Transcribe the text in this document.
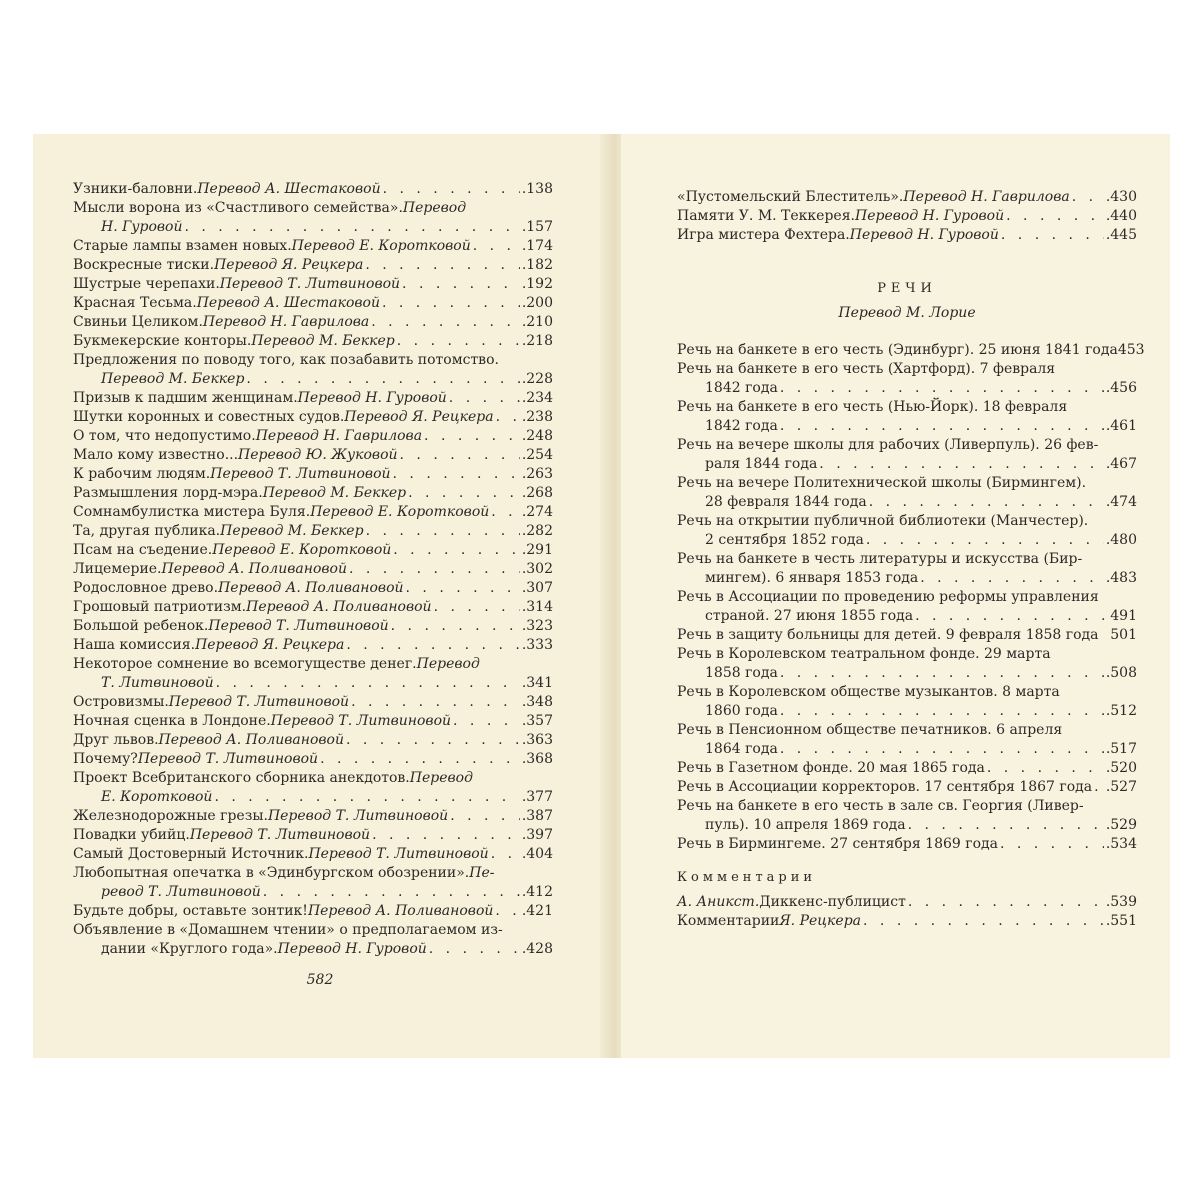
Узники-баловни. Перевод А. Шестаковой . . .	.138
Мысли ворона из «Счастливого семейства». Перевод
Н. Гуровой . . .	.157
Старые лампы взамен новых. Перевод Е. Коротковой . . .	.174
Воскресные тиски. Перевод Я. Рецкера . . .	.182
Шустрые черепахи. Перевод Т. Литвиновой . . .	.192
Красная Тесьма. Перевод А. Шестаковой . . .	.200
Свиньи Целиком. Перевод Н. Гаврилова . . .	.210
Букмекерские конторы. Перевод М. Беккер . . .	.218
Предложения по поводу того, как позабавить потомство.
Перевод М. Беккер . . .	.228
Призыв к падшим женщинам. Перевод Н. Гуровой . . .	.234
Шутки коронных и совестных судов. Перевод Я. Рецкера . . . .238
О том, что недопустимо. Перевод Н. Гаврилова . . .	.248
Мало кому известно... Перевод Ю. Жуковой . . .	.254
К рабочим людям. Перевод Т. Литвиновой . . .	.263
Размышления лорд-мэра. Перевод М. Беккер . . .	.268
Сомнамбулистка мистера Буля. Перевод Е. Коротковой . . . .274
Та, другая публика. Перевод М. Беккер . . .	.282
Псам на съедение. Перевод Е. Коротковой . . .	.291
Лицемерие. Перевод А. Поливановой . . .	.302
Родословное древо. Перевод А. Поливановой . . .	.307
Грошовый патриотизм. Перевод А. Поливановой . . .	.314
Большой ребенок. Перевод Т. Литвиновой . . .	.323
Наша комиссия. Перевод Я. Рецкера . . .	.333
Некоторое сомнение во всемогуществе денег. Перевод
Т. Литвиновой . . .	.341
Островизмы. Перевод Т. Литвиновой . . .	.348
Ночная сценка в Лондоне. Перевод Т. Литвиновой . . .	.357
Друг львов. Перевод А. Поливановой . . .	.363
Почему? Перевод Т. Литвиновой . . .	.368
Проект Всебританского сборника анекдотов. Перевод
Е. Коротковой . . .	.377
Железнодорожные грезы. Перевод Т. Литвиновой . . .	.387
Повадки убийц. Перевод Т. Литвиновой . . .	.397
Самый Достоверный Источник. Перевод Т. Литвиновой . . . .404
Любопытная опечатка в «Эдинбургском обозрении». Пе-
ревод Т. Литвиновой . . .	.412
Будьте добры, оставьте зонтик! Перевод А. Поливановой . . . .421
Объявление в «Домашнем чтении» о предполагаемом из-
дании «Круглого года». Перевод Н. Гуровой . . .	.428
582
«Пустомельский Блеститель». Перевод Н. Гаврилова . . .	.430
Памяти У. М. Теккерея. Перевод Н. Гуровой . . .	.440
Игра мистера Фехтера. Перевод Н. Гуровой . . .	.445
РЕЧИ
Перевод М. Лорие
Речь на банкете в его честь (Эдинбург). 25 июня 1841 года 453
Речь на банкете в его честь (Хартфорд). 7 февраля
1842 года . . .	.456
Речь на банкете в его честь (Нью-Йорк). 18 февраля
1842 года . . .	.461
Речь на вечере школы для рабочих (Ливерпуль). 26 фев-
раля 1844 года . . .	.467
Речь на вечере Политехнической школы (Бирмингем).
28 февраля 1844 года . . .	.474
Речь на открытии публичной библиотеки (Манчестер).
2 сентября 1852 года . . .	.480
Речь на банкете в честь литературы и искусства (Бир-
мингем). 6 января 1853 года . . .	.483
Речь в Ассоциации по проведению реформы управления
страной. 27 июня 1855 года . . .	491
Речь в защиту больницы для детей. 9 февраля 1858 года 501
Речь в Королевском театральном фонде. 29 марта
1858 года . . .	.508
Речь в Королевском обществе музыкантов. 8 марта
1860 года . . .	.512
Речь в Пенсионном обществе печатников. 6 апреля
1864 года . . .	.517
Речь в Газетном фонде. 20 мая 1865 года . . .	.520
Речь в Ассоциации корректоров. 17 сентября 1867 года . . . .527
Речь на банкете в его честь в зале св. Георгия (Ливер-
пуль). 10 апреля 1869 года . . .	.529
Речь в Бирмингеме. 27 сентября 1869 года . . .	.534
Комментарии
А. Аникст. Диккенс-публицист . . .	.539
Комментарии Я. Рецкера . . .	.551
